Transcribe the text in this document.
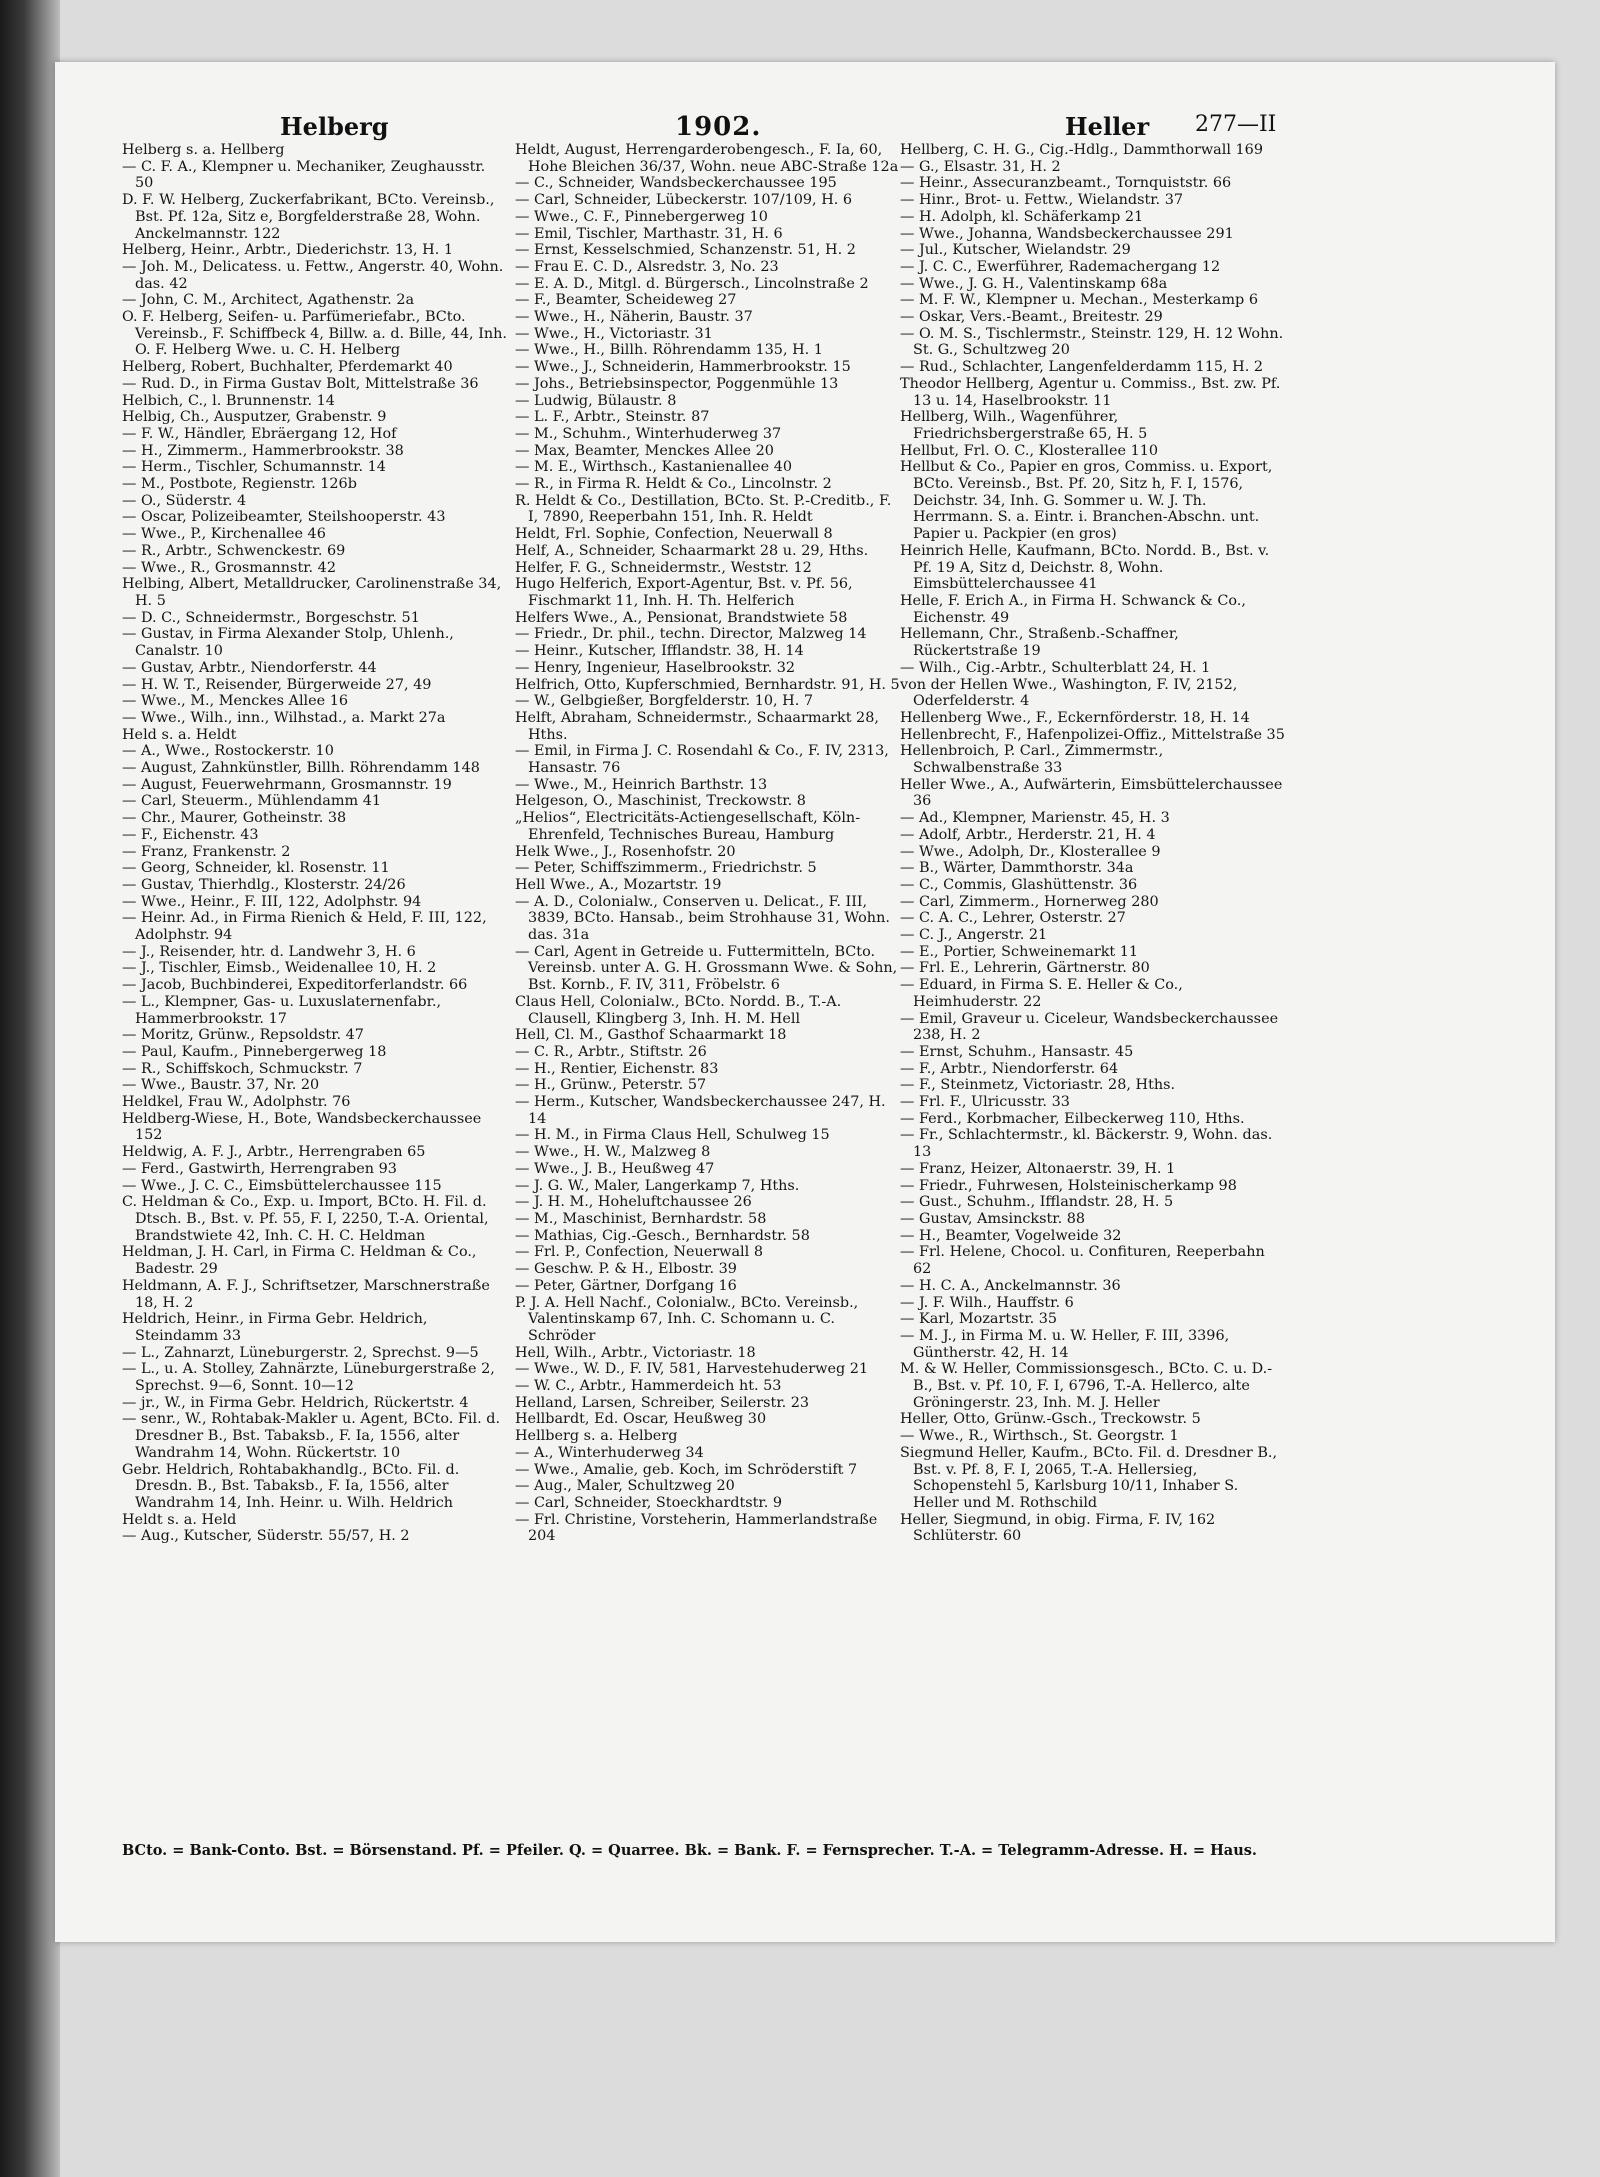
Helberg	1902.	Heller 277—II

Helberg s. a. Hellberg

— C. F. A., Klempner u. Mechaniker, Zeughausstr. 50

D. F. W. Helberg, Zuckerfabrikant, BCto. Vereinsb., Bst. Pf. 12a, Sitz e, Borgfelderstraße 28, Wohn. Anckelmannstr. 122

Helberg, Heinr., Arbtr., Diederichstr. 13, H. 1

— Joh. M., Delicatess. u. Fettw., Angerstr. 40, Wohn. das. 42

— John, C. M., Architect, Agathenstr. 2a

O. F. Helberg, Seifen- u. Parfümeriefabr., BCto. Vereinsb., F. Schiffbeck 4, Billw. a. d. Bille, 44, Inh. O. F. Helberg Wwe. u. C. H. Helberg

Helberg, Robert, Buchhalter, Pferdemarkt 40

— Rud. D., in Firma Gustav Bolt, Mittelstraße 36

Helbich, C., l. Brunnenstr. 14

Helbig, Ch., Ausputzer, Grabenstr. 9

— F. W., Händler, Ebräergang 12, Hof

— H., Zimmerm., Hammerbrookstr. 38

— Herm., Tischler, Schumannstr. 14

— M., Postbote, Regienstr. 126b

— O., Süderstr. 4

— Oscar, Polizeibeamter, Steilshooperstr. 43

— Wwe., P., Kirchenallee 46

— R., Arbtr., Schwenckestr. 69

— Wwe., R., Grosmannstr. 42

Helbing, Albert, Metalldrucker, Carolinenstraße 34, H. 5

— D. C., Schneidermstr., Borgeschstr. 51

— Gustav, in Firma Alexander Stolp, Uhlenh., Canalstr. 10

— Gustav, Arbtr., Niendorferstr. 44

— H. W. T., Reisender, Bürgerweide 27, 49

— Wwe., M., Menckes Allee 16

— Wwe., Wilh., inn., Wilhstad., a. Markt 27a

Held s. a. Heldt

— A., Wwe., Rostockerstr. 10

— August, Zahnkünstler, Billh. Röhrendamm 148

— August, Feuerwehrmann, Grosmannstr. 19

— Carl, Steuerm., Mühlendamm 41

— Chr., Maurer, Gotheinstr. 38

— F., Eichenstr. 43

— Franz, Frankenstr. 2

— Georg, Schneider, kl. Rosenstr. 11

— Gustav, Thierhdlg., Klosterstr. 24/26

— Wwe., Heinr., F. III, 122, Adolphstr. 94

— Heinr. Ad., in Firma Rienich & Held, F. III, 122, Adolphstr. 94

— J., Reisender, htr. d. Landwehr 3, H. 6

— J., Tischler, Eimsb., Weidenallee 10, H. 2

— Jacob, Buchbinderei, Expeditorferlandstr. 66

— L., Klempner, Gas- u. Luxuslaternenfabr., Hammerbrookstr. 17

— Moritz, Grünw., Repsoldstr. 47

— Paul, Kaufm., Pinnebergerweg 18

— R., Schiffskoch, Schmuckstr. 7

— Wwe., Baustr. 37, Nr. 20

Heldkel, Frau W., Adolphstr. 76

Heldberg-Wiese, H., Bote, Wandsbeckerchaussee 152

Heldwig, A. F. J., Arbtr., Herrengraben 65

— Ferd., Gastwirth, Herrengraben 93

— Wwe., J. C. C., Eimsbüttelerchaussee 115

C. Heldman & Co., Exp. u. Import, BCto. H. Fil. d. Dtsch. B., Bst. v. Pf. 55, F. I, 2250, T.-A. Oriental, Brandstwiete 42, Inh. C. H. C. Heldman

Heldman, J. H. Carl, in Firma C. Heldman & Co., Badestr. 29

Heldmann, A. F. J., Schriftsetzer, Marschnerstraße 18, H. 2

Heldrich, Heinr., in Firma Gebr. Heldrich, Steindamm 33

— L., Zahnarzt, Lüneburgerstr. 2, Sprechst. 9—5

— L., u. A. Stolley, Zahnärzte, Lüneburgerstraße 2, Sprechst. 9—6, Sonnt. 10—12

— jr., W., in Firma Gebr. Heldrich, Rückertstr. 4

— senr., W., Rohtabak-Makler u. Agent, BCto. Fil. d. Dresdner B., Bst. Tabaksb., F. Ia, 1556, alter Wandrahm 14, Wohn. Rückertstr. 10

Gebr. Heldrich, Rohtabakhandlg., BCto. Fil. d. Dresdn. B., Bst. Tabaksb., F. Ia, 1556, alter Wandrahm 14, Inh. Heinr. u. Wilh. Heldrich

Heldt s. a. Held

— Aug., Kutscher, Süderstr. 55/57, H. 2

Heldt, August, Herrengarderobengesch., F. Ia, 60, Hohe Bleichen 36/37, Wohn. neue ABC-Straße 12a

— C., Schneider, Wandsbeckerchaussee 195

— Carl, Schneider, Lübeckerstr. 107/109, H. 6

— Wwe., C. F., Pinnebergerweg 10

— Emil, Tischler, Marthastr. 31, H. 6

— Ernst, Kesselschmied, Schanzenstr. 51, H. 2

— Frau E. C. D., Alsredstr. 3, No. 23

— E. A. D., Mitgl. d. Bürgersch., Lincolnstraße 2

— F., Beamter, Scheideweg 27

— Wwe., H., Näherin, Baustr. 37

— Wwe., H., Victoriastr. 31

— Wwe., H., Billh. Röhrendamm 135, H. 1

— Wwe., J., Schneiderin, Hammerbrookstr. 15

— Johs., Betriebsinspector, Poggenmühle 13

— Ludwig, Bülaustr. 8

— L. F., Arbtr., Steinstr. 87

— M., Schuhm., Winterhuderweg 37

— Max, Beamter, Menckes Allee 20

— M. E., Wirthsch., Kastanienallee 40

— R., in Firma R. Heldt & Co., Lincolnstr. 2

R. Heldt & Co., Destillation, BCto. St. P.-Creditb., F. I, 7890, Reeperbahn 151, Inh. R. Heldt

Heldt, Frl. Sophie, Confection, Neuerwall 8

Helf, A., Schneider, Schaarmarkt 28 u. 29, Hths.

Helfer, F. G., Schneidermstr., Weststr. 12

Hugo Helferich, Export-Agentur, Bst. v. Pf. 56, Fischmarkt 11, Inh. H. Th. Helferich

Helfers Wwe., A., Pensionat, Brandstwiete 58

— Friedr., Dr. phil., techn. Director, Malzweg 14

— Heinr., Kutscher, Ifflandstr. 38, H. 14

— Henry, Ingenieur, Haselbrookstr. 32

Helfrich, Otto, Kupferschmied, Bernhardstr. 91, H. 5

— W., Gelbgießer, Borgfelderstr. 10, H. 7

Helft, Abraham, Schneidermstr., Schaarmarkt 28, Hths.

— Emil, in Firma J. C. Rosendahl & Co., F. IV, 2313, Hansastr. 76

— Wwe., M., Heinrich Barthstr. 13

Helgeson, O., Maschinist, Treckowstr. 8

„Helios“, Electricitäts-Actiengesellschaft, Köln-Ehrenfeld, Technisches Bureau, Hamburg

Helk Wwe., J., Rosenhofstr. 20

— Peter, Schiffszimmerm., Friedrichstr. 5

Hell Wwe., A., Mozartstr. 19

— A. D., Colonialw., Conserven u. Delicat., F. III, 3839, BCto. Hansab., beim Strohhause 31, Wohn. das. 31a

— Carl, Agent in Getreide u. Futtermitteln, BCto. Vereinsb. unter A. G. H. Grossmann Wwe. & Sohn, Bst. Kornb., F. IV, 311, Fröbelstr. 6

Claus Hell, Colonialw., BCto. Nordd. B., T.-A. Clausell, Klingberg 3, Inh. H. M. Hell

Hell, Cl. M., Gasthof Schaarmarkt 18

— C. R., Arbtr., Stiftstr. 26

— H., Rentier, Eichenstr. 83

— H., Grünw., Peterstr. 57

— Herm., Kutscher, Wandsbeckerchaussee 247, H. 14

— H. M., in Firma Claus Hell, Schulweg 15

— Wwe., H. W., Malzweg 8

— Wwe., J. B., Heußweg 47

— J. G. W., Maler, Langerkamp 7, Hths.

— J. H. M., Hoheluftchaussee 26

— M., Maschinist, Bernhardstr. 58

— Mathias, Cig.-Gesch., Bernhardstr. 58

— Frl. P., Confection, Neuerwall 8

— Geschw. P. & H., Elbostr. 39

— Peter, Gärtner, Dorfgang 16

P. J. A. Hell Nachf., Colonialw., BCto. Vereinsb., Valentinskamp 67, Inh. C. Schomann u. C. Schröder

Hell, Wilh., Arbtr., Victoriastr. 18

— Wwe., W. D., F. IV, 581, Harvestehuderweg 21

— W. C., Arbtr., Hammerdeich ht. 53

Helland, Larsen, Schreiber, Seilerstr. 23

Hellbardt, Ed. Oscar, Heußweg 30

Hellberg s. a. Helberg

— A., Winterhuderweg 34

— Wwe., Amalie, geb. Koch, im Schröderstift 7

— Aug., Maler, Schultzweg 20

— Carl, Schneider, Stoeckhardtstr. 9

— Frl. Christine, Vorsteherin, Hammerlandstraße 204

Hellberg, C. H. G., Cig.-Hdlg., Dammthorwall 169

— G., Elsastr. 31, H. 2

— Heinr., Assecuranzbeamt., Tornquiststr. 66

— Hinr., Brot- u. Fettw., Wielandstr. 37

— H. Adolph, kl. Schäferkamp 21

— Wwe., Johanna, Wandsbeckerchaussee 291

— Jul., Kutscher, Wielandstr. 29

— J. C. C., Ewerführer, Rademachergang 12

— Wwe., J. G. H., Valentinskamp 68a

— M. F. W., Klempner u. Mechan., Mesterkamp 6

— Oskar, Vers.-Beamt., Breitestr. 29

— O. M. S., Tischlermstr., Steinstr. 129, H. 12 Wohn. St. G., Schultzweg 20

— Rud., Schlachter, Langenfelderdamm 115, H. 2

Theodor Hellberg, Agentur u. Commiss., Bst. zw. Pf. 13 u. 14, Haselbrookstr. 11

Hellberg, Wilh., Wagenführer, Friedrichsbergerstraße 65, H. 5

Hellbut, Frl. O. C., Klosterallee 110

Hellbut & Co., Papier en gros, Commiss. u. Export, BCto. Vereinsb., Bst. Pf. 20, Sitz h, F. I, 1576, Deichstr. 34, Inh. G. Sommer u. W. J. Th. Herrmann. S. a. Eintr. i. Branchen-Abschn. unt. Papier u. Packpier (en gros)

Heinrich Helle, Kaufmann, BCto. Nordd. B., Bst. v. Pf. 19 A, Sitz d, Deichstr. 8, Wohn. Eimsbüttelerchaussee 41

Helle, F. Erich A., in Firma H. Schwanck & Co., Eichenstr. 49

Hellemann, Chr., Straßenb.-Schaffner, Rückertstraße 19

— Wilh., Cig.-Arbtr., Schulterblatt 24, H. 1

von der Hellen Wwe., Washington, F. IV, 2152, Oderfelderstr. 4

Hellenberg Wwe., F., Eckernförderstr. 18, H. 14

Hellenbrecht, F., Hafenpolizei-Offiz., Mittelstraße 35

Hellenbroich, P. Carl., Zimmermstr., Schwalbenstraße 33

Heller Wwe., A., Aufwärterin, Eimsbüttelerchaussee 36

— Ad., Klempner, Marienstr. 45, H. 3

— Adolf, Arbtr., Herderstr. 21, H. 4

— Wwe., Adolph, Dr., Klosterallee 9

— B., Wärter, Dammthorstr. 34a

— C., Commis, Glashüttenstr. 36

— Carl, Zimmerm., Hornerweg 280

— C. A. C., Lehrer, Osterstr. 27

— C. J., Angerstr. 21

— E., Portier, Schweinemarkt 11

— Frl. E., Lehrerin, Gärtnerstr. 80

— Eduard, in Firma S. E. Heller & Co., Heimhuderstr. 22

— Emil, Graveur u. Ciceleur, Wandsbeckerchaussee 238, H. 2

— Ernst, Schuhm., Hansastr. 45

— F., Arbtr., Niendorferstr. 64

— F., Steinmetz, Victoriastr. 28, Hths.

— Frl. F., Ulricusstr. 33

— Ferd., Korbmacher, Eilbeckerweg 110, Hths.

— Fr., Schlachtermstr., kl. Bäckerstr. 9, Wohn. das. 13

— Franz, Heizer, Altonaerstr. 39, H. 1

— Friedr., Fuhrwesen, Holsteinischerkamp 98

— Gust., Schuhm., Ifflandstr. 28, H. 5

— Gustav, Amsinckstr. 88

— H., Beamter, Vogelweide 32

— Frl. Helene, Chocol. u. Confituren, Reeperbahn 62

— H. C. A., Anckelmannstr. 36

— J. F. Wilh., Hauffstr. 6

— Karl, Mozartstr. 35

— M. J., in Firma M. u. W. Heller, F. III, 3396, Güntherstr. 42, H. 14

M. & W. Heller, Commissionsgesch., BCto. C. u. D.-B., Bst. v. Pf. 10, F. I, 6796, T.-A. Hellerco, alte Gröningerstr. 23, Inh. M. J. Heller

Heller, Otto, Grünw.-Gsch., Treckowstr. 5

— Wwe., R., Wirthsch., St. Georgstr. 1

Siegmund Heller, Kaufm., BCto. Fil. d. Dresdner B., Bst. v. Pf. 8, F. I, 2065, T.-A. Hellersieg, Schopenstehl 5, Karlsburg 10/11, Inhaber S. Heller und M. Rothschild

Heller, Siegmund, in obig. Firma, F. IV, 162 Schlüterstr. 60

BCto. = Bank-Conto. Bst. = Börsenstand. Pf. = Pfeiler. Q. = Quarree. Bk. = Bank. F. = Fernsprecher. T.-A. = Telegramm-Adresse. H. = Haus.
